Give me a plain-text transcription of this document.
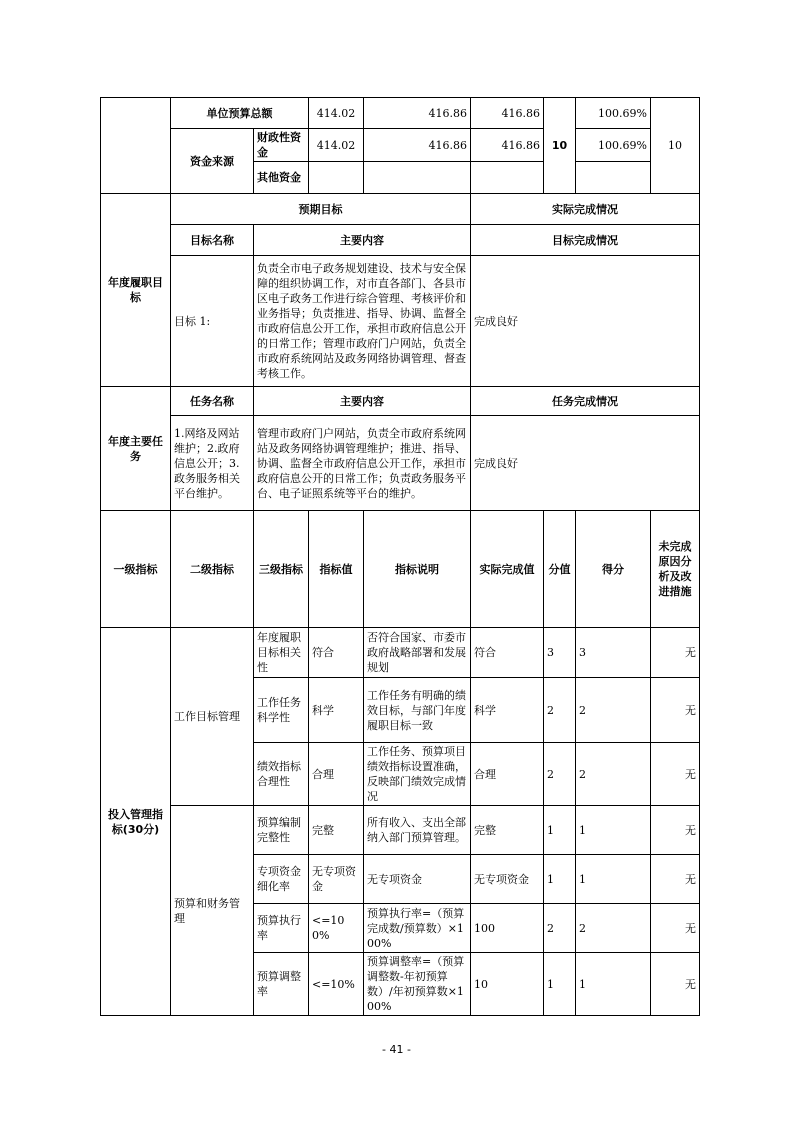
	单位预算总额		414.02	416.86	416.86	10	100.69%	10
	资金来源	财政性资金	414.02	416.86	416.86		100.69%	
		其他资金						
年度履职目标	预期目标				实际完成情况			
	目标名称	主要内容			目标完成情况			
	目标 1:	负责全市电子政务规划建设、技术与安全保障的组织协调工作，对市直各部门、各县市区电子政务工作进行综合管理、考核评价和业务指导；负责推进、指导、协调、监督全市政府信息公开工作，承担市政府信息公开的日常工作；管理市政府门户网站，负责全市政府系统网站及政务网络协调管理、督查考核工作。			完成良好			
年度主要任务	任务名称	主要内容			任务完成情况			
	1.网络及网站维护；2.政府信息公开；3.政务服务相关平台维护。	管理市政府门户网站，负责全市政府系统网站及政务网络协调管理维护；推进、指导、协调、监督全市政府信息公开工作，承担市政府信息公开的日常工作；负责政务服务平台、电子证照系统等平台的维护。			完成良好			
一级指标	二级指标	三级指标	指标值	指标说明	实际完成值	分值	得分	未完成原因分析及改进措施
投入管理指标(30分)	工作目标管理	年度履职目标相关性	符合	否符合国家、市委市政府战略部署和发展规划	符合	3	3	无
		工作任务科学性	科学	工作任务有明确的绩效目标，与部门年度履职目标一致	科学	2	2	无
		绩效指标合理性	合理	工作任务、预算项目绩效指标设置准确，反映部门绩效完成情况	合理	2	2	无
	预算和财务管理	预算编制完整性	完整	所有收入、支出全部纳入部门预算管理。	完整	1	1	无
		专项资金细化率	无专项资金	无专项资金	无专项资金	1	1	无
		预算执行率	<=100%	预算执行率=（预算完成数/预算数）×100%	100	2	2	无
		预算调整率	<=10%	预算调整率=（预算调整数-年初预算数）/年初预算数×100%	10	1	1	无
- 41 -
